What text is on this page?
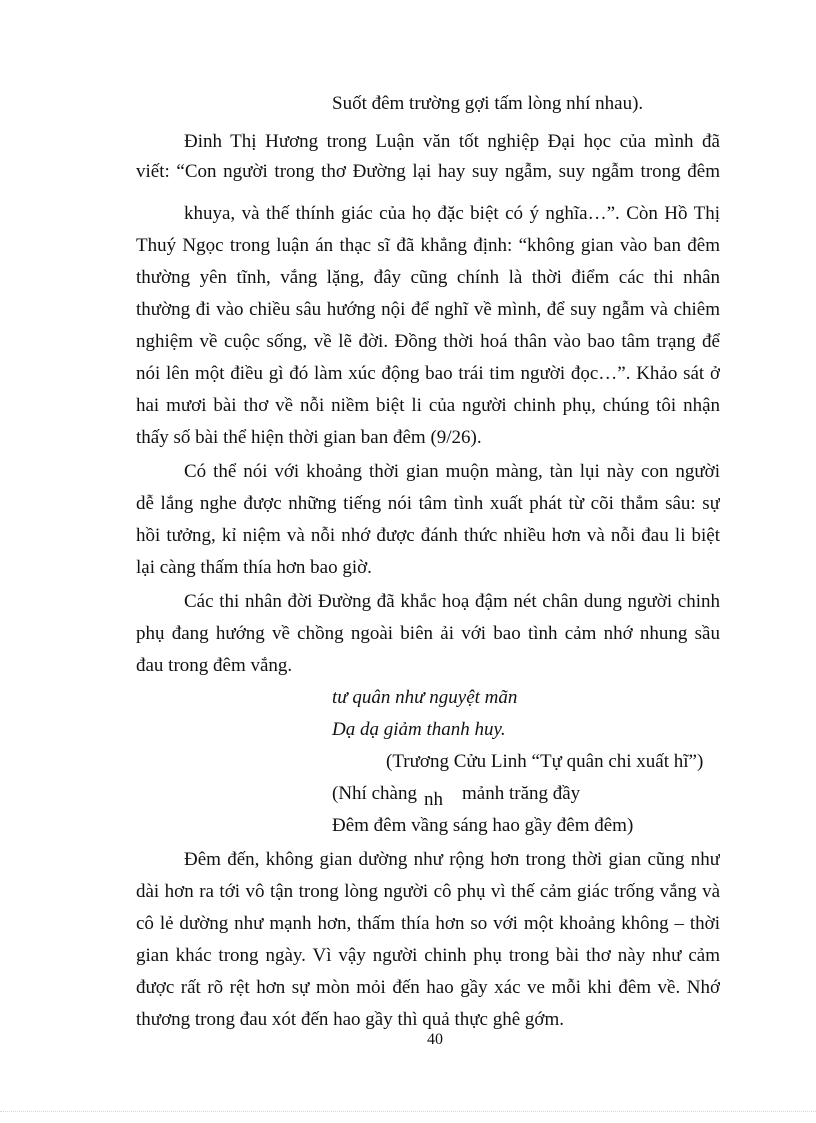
Suốt đêm trường gợi tấm lòng nhí nhau).
Đinh Thị Hương trong Luận văn tốt nghiệp Đại học của mình đã
viết: “Con người trong thơ Đường lại hay suy ngẫm, suy ngẫm trong đêm
khuya, và thế thính giác của họ đặc biệt có ý nghĩa…”. Còn Hồ Thị
Thuý Ngọc trong luận án thạc sĩ đã khẳng định: “không gian vào ban đêm
thường yên tĩnh, vắng lặng, đây cũng chính là thời điểm các thi nhân
thường đi vào chiều sâu hướng nội để nghĩ về mình, để suy ngẫm và chiêm
nghiệm về cuộc sống, về lẽ đời. Đồng thời hoá thân vào bao tâm trạng để
nói lên một điều gì đó làm xúc động bao trái tim người đọc…”. Khảo sát ở
hai mươi bài thơ về nỗi niềm biệt li của người chinh phụ, chúng tôi nhận
thấy số bài thể hiện thời gian ban đêm (9/26).
Có thể nói với khoảng thời gian muộn màng, tàn lụi này con người
dễ lắng nghe được những tiếng nói tâm tình xuất phát từ cõi thẳm sâu: sự
hồi tưởng, kỉ niệm và nỗi nhớ được đánh thức nhiều hơn và nỗi đau li biệt
lại càng thấm thía hơn bao giờ.
Các thi nhân đời Đường đã khắc hoạ đậm nét chân dung người chinh
phụ đang hướng về chồng ngoài biên ải với bao tình cảm nhớ nhung sầu
đau trong đêm vắng.
tư quân như nguyệt mãn
Dạ dạ giảm thanh huy.
(Trương Cửu Linh “Tự quân chi xuất hĩ”)
(Nhí chàng nh mảnh trăng đầy
Đêm đêm vầng sáng hao gầy đêm đêm)
Đêm đến, không gian dường như rộng hơn trong thời gian cũng như
dài hơn ra tới vô tận trong lòng người cô phụ vì thế cảm giác trống vắng và
cô lẻ dường như mạnh hơn, thấm thía hơn so với một khoảng không – thời
gian khác trong ngày. Vì vậy người chinh phụ trong bài thơ này như cảm
được rất rõ rệt hơn sự mòn mỏi đến hao gầy xác ve mỗi khi đêm về. Nhớ
thương trong đau xót đến hao gầy thì quả thực ghê gớm.
40
